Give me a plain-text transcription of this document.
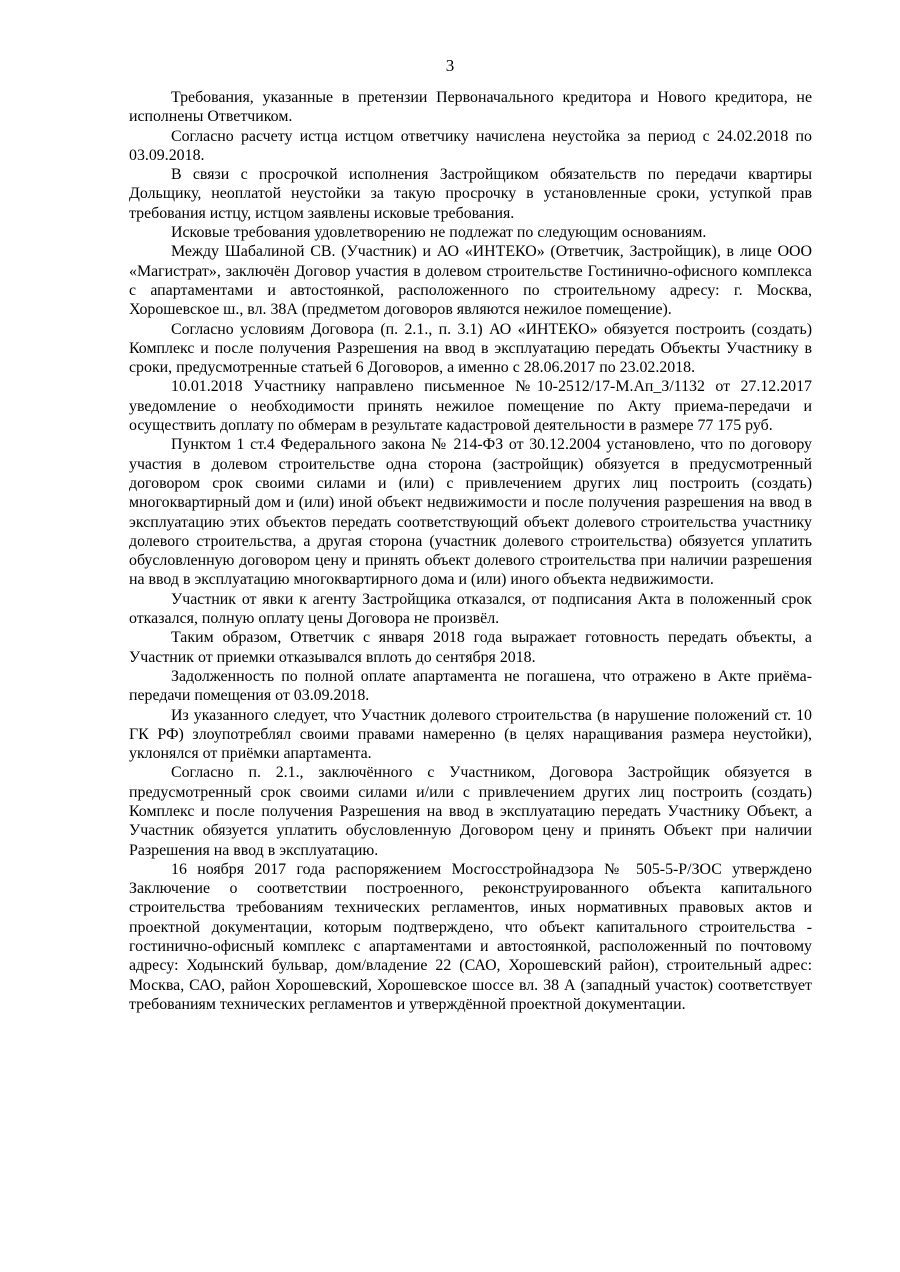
3

Требования, указанные в претензии Первоначального кредитора и Нового кредитора, не исполнены Ответчиком.

Согласно расчету истца истцом ответчику начислена неустойка за период с 24.02.2018 по 03.09.2018.

В связи с просрочкой исполнения Застройщиком обязательств по передачи квартиры Дольщику, неоплатой неустойки за такую просрочку в установленные сроки, уступкой прав требования истцу, истцом заявлены исковые требования.

Исковые требования удовлетворению не подлежат по следующим основаниям.

Между Шабалиной СВ. (Участник) и АО «ИНТЕКО» (Ответчик, Застройщик), в лице ООО «Магистрат», заключён Договор участия в долевом строительстве Гостинично-офисного комплекса с апартаментами и автостоянкой, расположенного по строительному адресу: г. Москва, Хорошевское ш., вл. 38А (предметом договоров являются нежилое помещение).

Согласно условиям Договора (п. 2.1., п. 3.1) АО «ИНТЕКО» обязуется построить (создать) Комплекс и после получения Разрешения на ввод в эксплуатацию передать Объекты Участнику в сроки, предусмотренные статьей 6 Договоров, а именно с 28.06.2017 по 23.02.2018.

10.01.2018 Участнику направлено письменное №10-2512/17-М.Ап_З/1132 от 27.12.2017 уведомление о необходимости принять нежилое помещение по Акту приема-передачи и осуществить доплату по обмерам в результате кадастровой деятельности в размере 77 175 руб.

Пунктом 1 ст.4 Федерального закона № 214-ФЗ от 30.12.2004 установлено, что по договору участия в долевом строительстве одна сторона (застройщик) обязуется в предусмотренный договором срок своими силами и (или) с привлечением других лиц построить (создать) многоквартирный дом и (или) иной объект недвижимости и после получения разрешения на ввод в эксплуатацию этих объектов передать соответствующий объект долевого строительства участнику долевого строительства, а другая сторона (участник долевого строительства) обязуется уплатить обусловленную договором цену и принять объект долевого строительства при наличии разрешения на ввод в эксплуатацию многоквартирного дома и (или) иного объекта недвижимости.

Участник от явки к агенту Застройщика отказался, от подписания Акта в положенный срок отказался, полную оплату цены Договора не произвёл.

Таким образом, Ответчик с января 2018 года выражает готовность передать объекты, а Участник от приемки отказывался вплоть до сентября 2018.

Задолженность по полной оплате апартамента не погашена, что отражено в Акте приёма-передачи помещения от 03.09.2018.

Из указанного следует, что Участник долевого строительства (в нарушение положений ст. 10 ГК РФ) злоупотреблял своими правами намеренно (в целях наращивания размера неустойки), уклонялся от приёмки апартамента.

Согласно п. 2.1., заключённого с Участником, Договора Застройщик обязуется в предусмотренный срок своими силами и/или с привлечением других лиц построить (создать) Комплекс и после получения Разрешения на ввод в эксплуатацию передать Участнику Объект, а Участник обязуется уплатить обусловленную Договором цену и принять Объект при наличии Разрешения на ввод в эксплуатацию.

16 ноября 2017 года распоряжением Мосгосстройнадзора № 505-5-Р/ЗОС утверждено Заключение о соответствии построенного, реконструированного объекта капитального строительства требованиям технических регламентов, иных нормативных правовых актов и проектной документации, которым подтверждено, что объект капитального строительства - гостинично-офисный комплекс с апартаментами и автостоянкой, расположенный по почтовому адресу: Ходынский бульвар, дом/владение 22 (САО, Хорошевский район), строительный адрес: Москва, САО, район Хорошевский, Хорошевское шоссе вл. 38 А (западный участок) соответствует требованиям технических регламентов и утверждённой проектной документации.
